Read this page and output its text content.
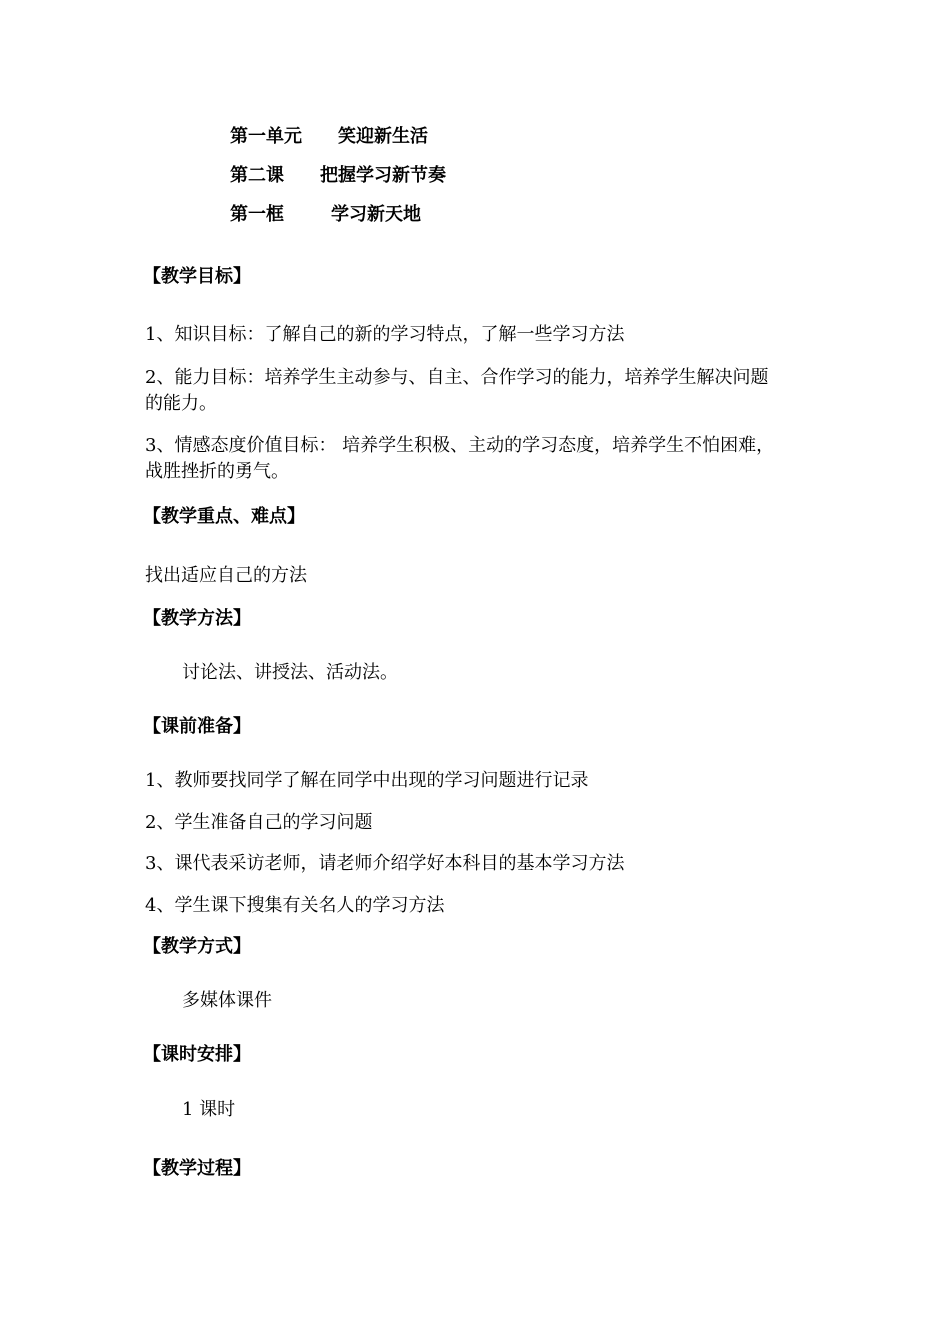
第一单元 笑迎新生活
第二课 把握学习新节奏
第一框	学习新天地
【教学目标】
1、知识目标：了解自己的新的学习特点，了解一些学习方法
2、能力目标：培养学生主动参与、自主、合作学习的能力，培养学生解决问题
的能力。
3、情感态度价值目标： 培养学生积极、主动的学习态度，培养学生不怕困难，
战胜挫折的勇气。
【教学重点、难点】
找出适应自己的方法
【教学方法】
讨论法、讲授法、活动法。
【课前准备】
1、教师要找同学了解在同学中出现的学习问题进行记录
2、学生准备自己的学习问题
3、课代表采访老师，请老师介绍学好本科目的基本学习方法
4、学生课下搜集有关名人的学习方法
【教学方式】
多媒体课件
【课时安排】
1 课时
【教学过程】
